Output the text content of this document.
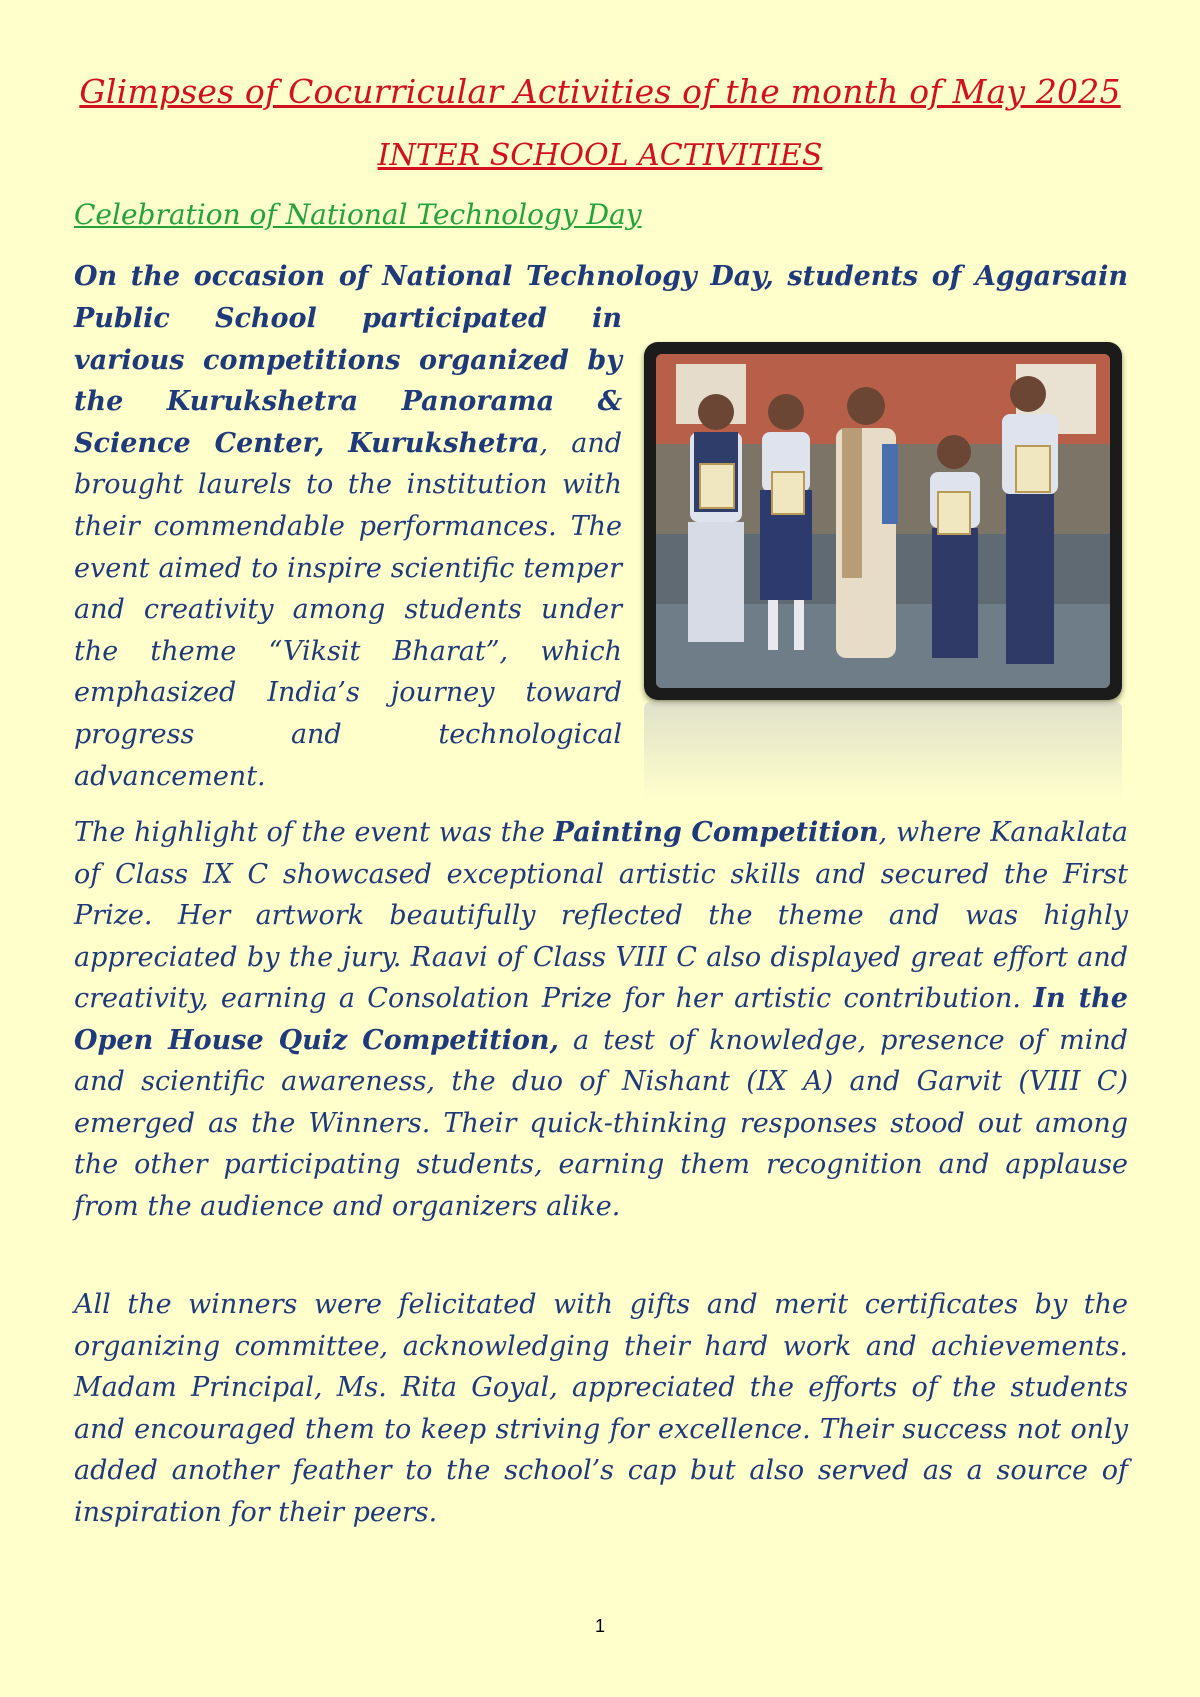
Glimpses of Cocurricular Activities of the month of May 2025
INTER SCHOOL ACTIVITIES
Celebration of National Technology Day

On the occasion of National Technology Day, students of Aggarsain

Public School participated in various competitions organized by the Kurukshetra Panorama & Science Center, Kurukshetra, and brought laurels to the institution with their commendable performances. The event aimed to inspire scientific temper and creativity among students under the theme “Viksit Bharat”, which emphasized India’s journey toward progress and technological advancement.

The highlight of the event was the Painting Competition, where Kanaklata of Class IX C showcased exceptional artistic skills and secured the First Prize. Her artwork beautifully reflected the theme and was highly appreciated by the jury. Raavi of Class VIII C also displayed great effort and creativity, earning a Consolation Prize for her artistic contribution. In the Open House Quiz Competition, a test of knowledge, presence of mind and scientific awareness, the duo of Nishant (IX A) and Garvit (VIII C) emerged as the Winners. Their quick-thinking responses stood out among the other participating students, earning them recognition and applause from the audience and organizers alike.

All the winners were felicitated with gifts and merit certificates by the organizing committee, acknowledging their hard work and achievements. Madam Principal, Ms. Rita Goyal, appreciated the efforts of the students and encouraged them to keep striving for excellence. Their success not only added another feather to the school’s cap but also served as a source of inspiration for their peers.

1
